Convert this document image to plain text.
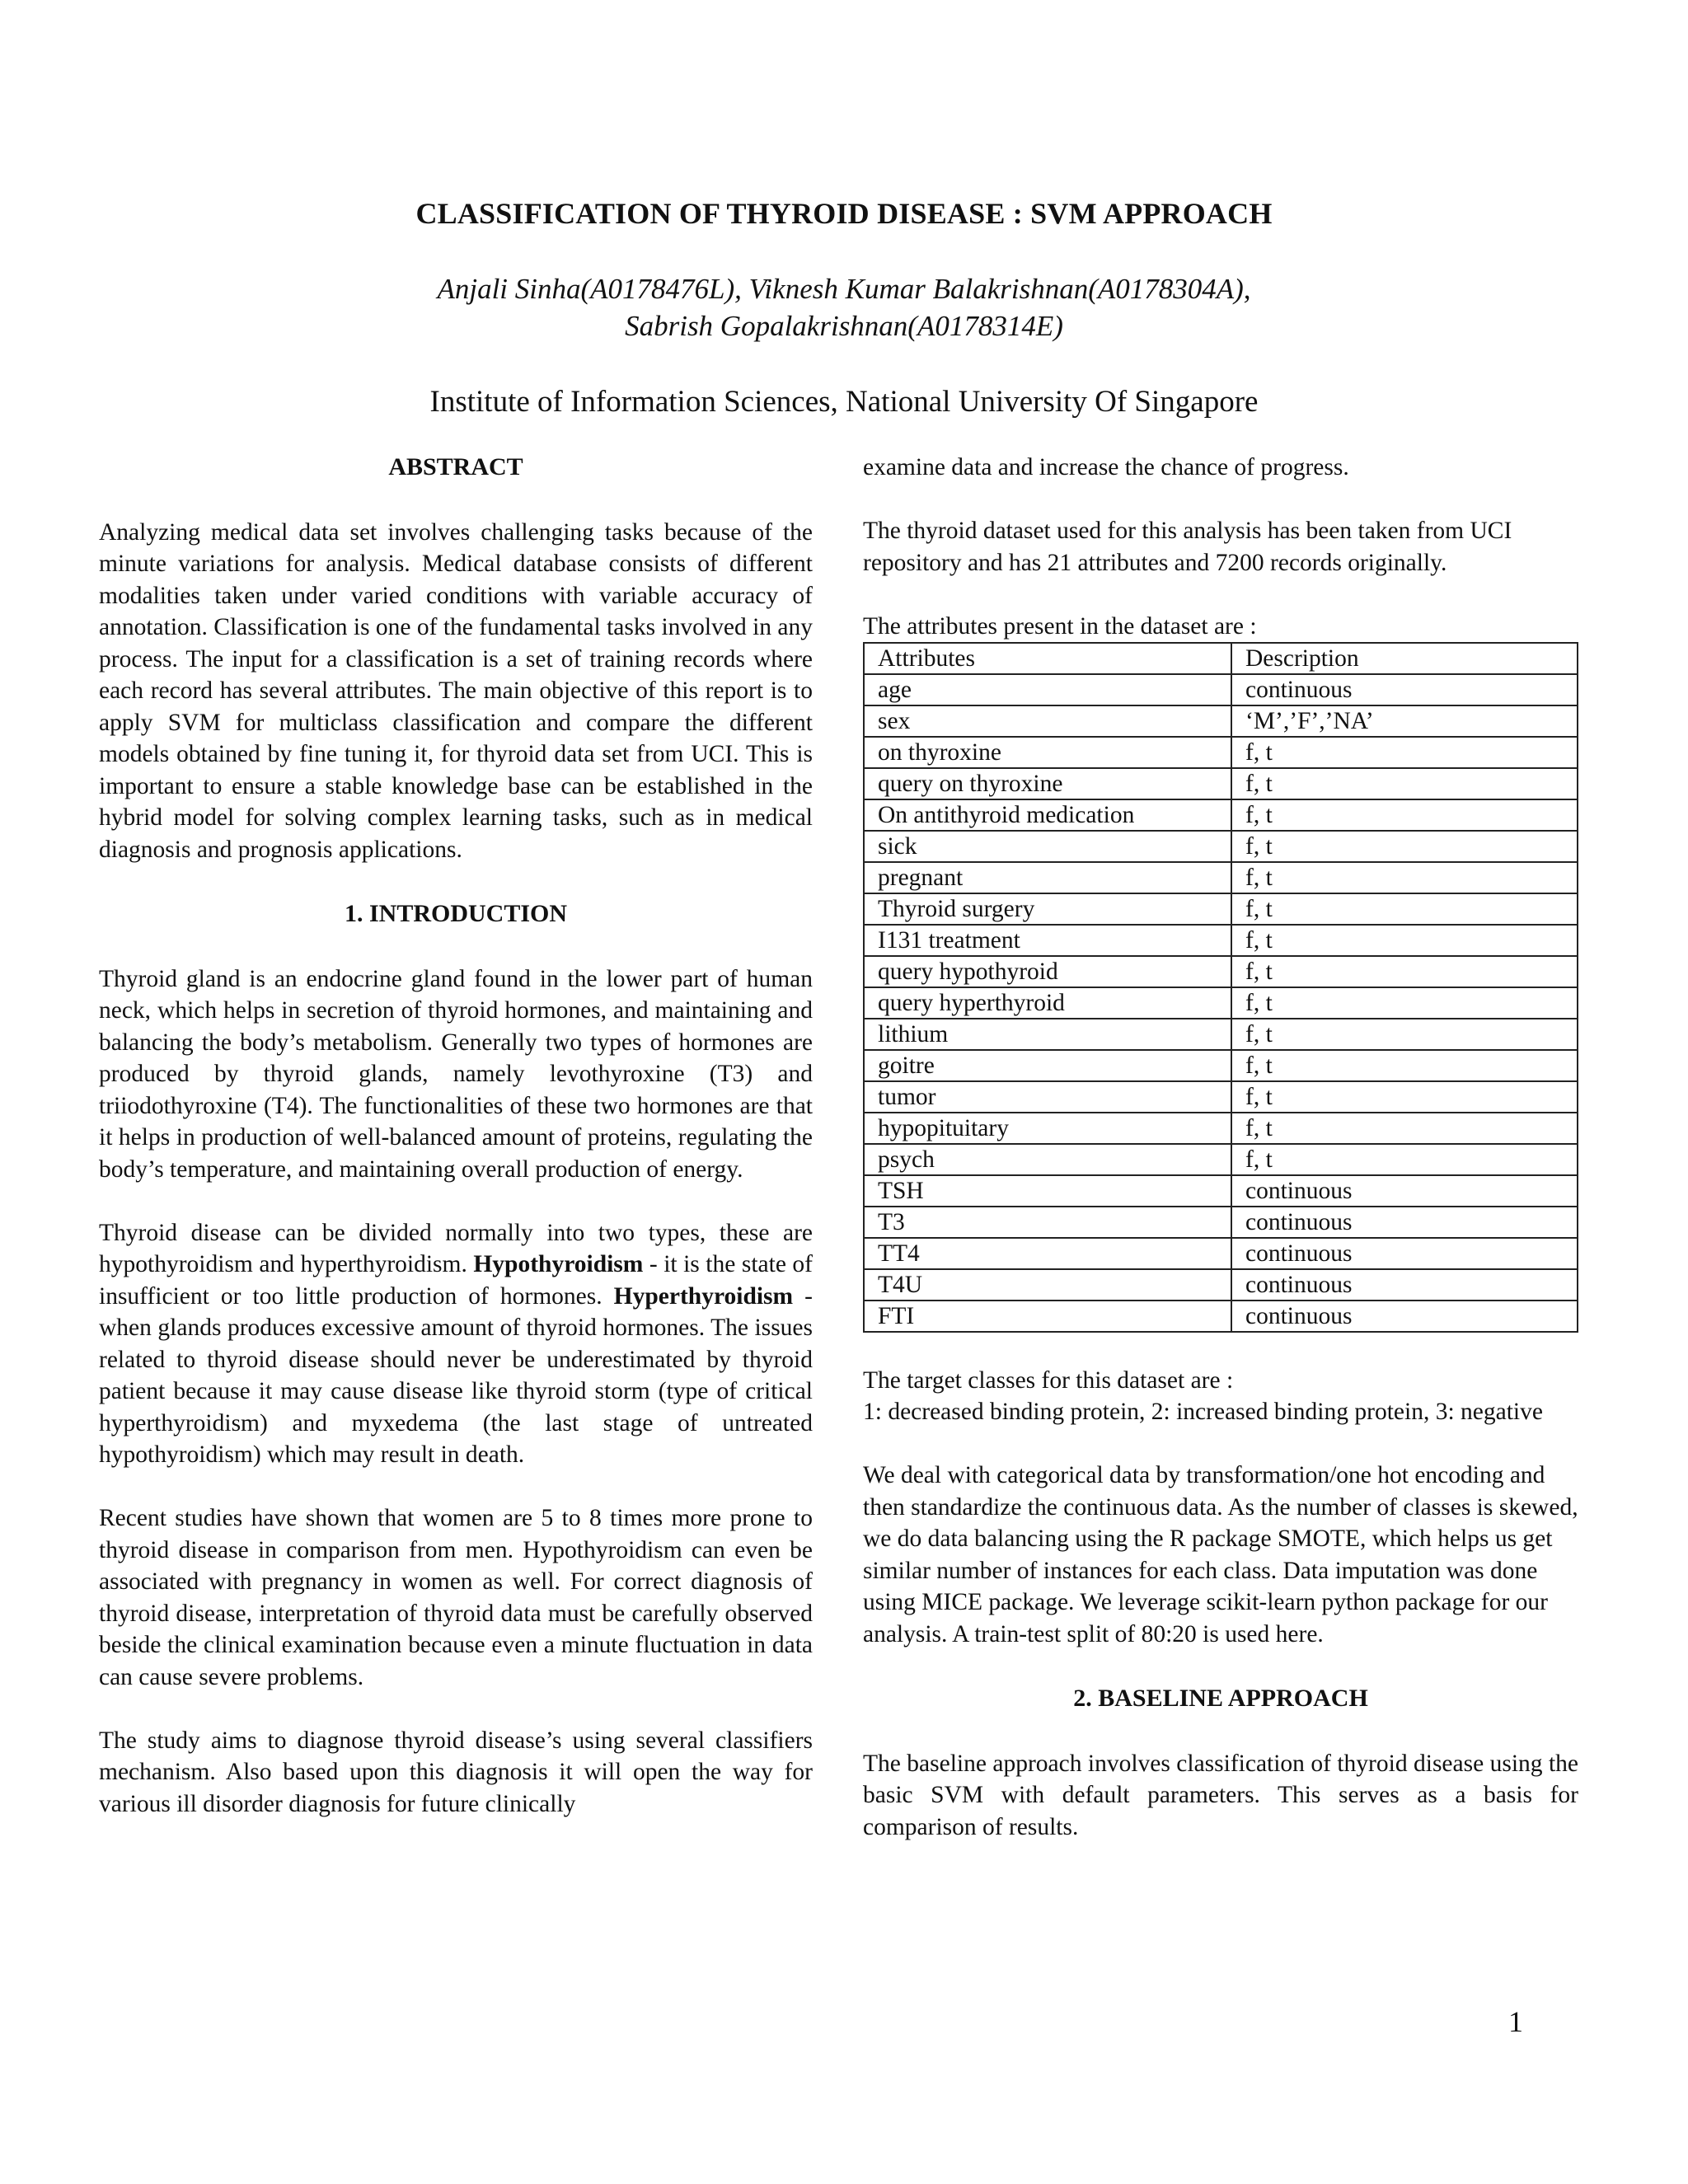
CLASSIFICATION OF THYROID DISEASE : SVM APPROACH
Anjali Sinha(A0178476L), Viknesh Kumar Balakrishnan(A0178304A),
Sabrish Gopalakrishnan(A0178314E)
Institute of Information Sciences, National University Of Singapore

ABSTRACT

Analyzing medical data set involves challenging tasks because of the minute variations for analysis. Medical database consists of different modalities taken under varied conditions with variable accuracy of annotation. Classification is one of the fundamental tasks involved in any process. The input for a classification is a set of training records where each record has several attributes. The main objective of this report is to apply SVM for multiclass classification and compare the different models obtained by fine tuning it, for thyroid data set from UCI. This is important to ensure a stable knowledge base can be established in the hybrid model for solving complex learning tasks, such as in medical diagnosis and prognosis applications.

1. INTRODUCTION

Thyroid gland is an endocrine gland found in the lower part of human neck, which helps in secretion of thyroid hormones, and maintaining and balancing the body’s metabolism. Generally two types of hormones are produced by thyroid glands, namely levothyroxine (T3) and triiodothyroxine (T4). The functionalities of these two hormones are that it helps in production of well-balanced amount of proteins, regulating the body’s temperature, and maintaining overall production of energy.

Thyroid disease can be divided normally into two types, these are hypothyroidism and hyperthyroidism. Hypothyroidism - it is the state of insufficient or too little production of hormones. Hyperthyroidism - when glands produces excessive amount of thyroid hormones. The issues related to thyroid disease should never be underestimated by thyroid patient because it may cause disease like thyroid storm (type of critical hyperthyroidism) and myxedema (the last stage of untreated hypothyroidism) which may result in death.

Recent studies have shown that women are 5 to 8 times more prone to thyroid disease in comparison from men. Hypothyroidism can even be associated with pregnancy in women as well. For correct diagnosis of thyroid disease, interpretation of thyroid data must be carefully observed beside the clinical examination because even a minute fluctuation in data can cause severe problems.

The study aims to diagnose thyroid disease’s using several classifiers mechanism. Also based upon this diagnosis it will open the way for various ill disorder diagnosis for future clinically

examine data and increase the chance of progress.

The thyroid dataset used for this analysis has been taken from UCI repository and has 21 attributes and 7200 records originally.

The attributes present in the dataset are :

Attributes	Description
age	continuous
sex	‘M’,’F’,’NA’
on thyroxine	f, t
query on thyroxine	f, t
On antithyroid medication	f, t
sick	f, t
pregnant	f, t
Thyroid surgery	f, t
I131 treatment	f, t
query hypothyroid	f, t
query hyperthyroid	f, t
lithium	f, t
goitre	f, t
tumor	f, t
hypopituitary	f, t
psych	f, t
TSH	continuous
T3	continuous
TT4	continuous
T4U	continuous
FTI	continuous

The target classes for this dataset are :

1: decreased binding protein, 2: increased binding protein, 3: negative

We deal with categorical data by transformation/one hot encoding and then standardize the continuous data. As the number of classes is skewed, we do data balancing using the R package SMOTE, which helps us get similar number of instances for each class. Data imputation was done using MICE package. We leverage scikit-learn python package for our analysis. A train-test split of 80:20 is used here.

2. BASELINE APPROACH

The baseline approach involves classification of thyroid disease using the basic SVM with default parameters. This serves as a basis for comparison of results.

1
